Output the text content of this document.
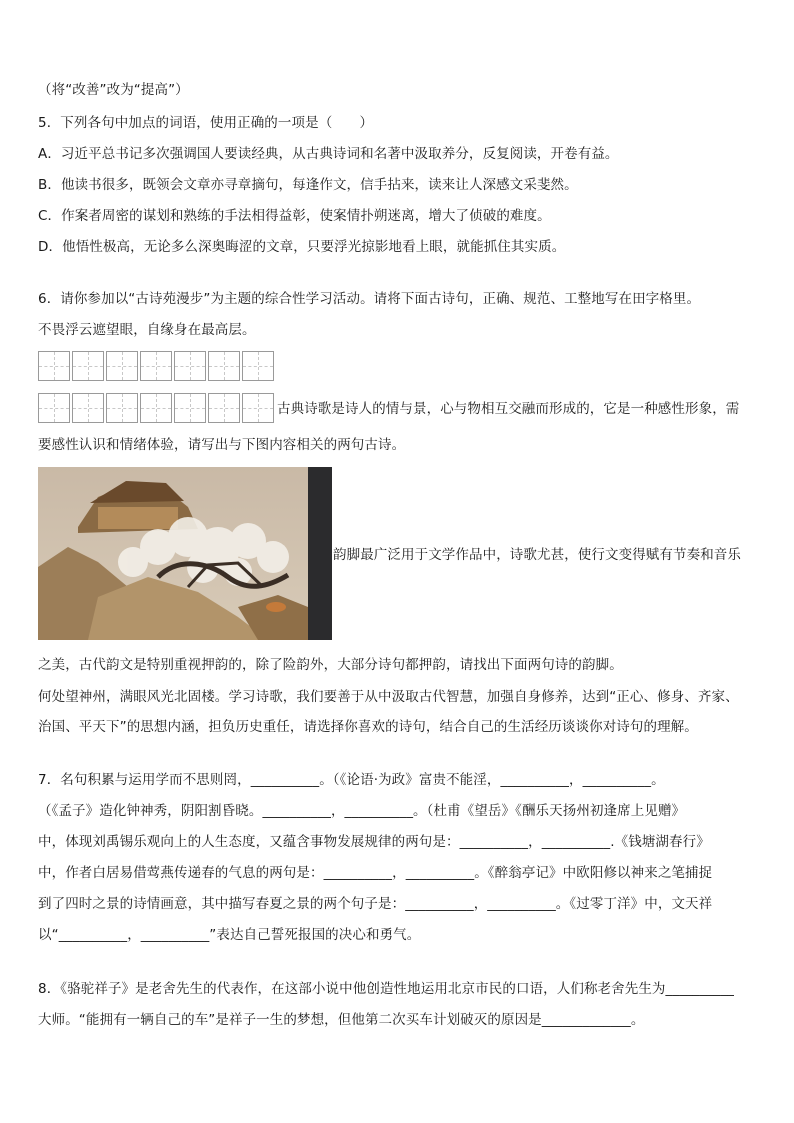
（将“改善”改为“提高”）
5．下列各句中加点的词语，使用正确的一项是（　　）
A．习近平总书记多次强调国人要读经典，从古典诗词和名著中汲取养分，反复阅读，开卷有益。
B．他读书很多，既领会文章亦寻章摘句，每逢作文，信手拈来，读来让人深感文采斐然。
C．作案者周密的谋划和熟练的手法相得益彰，使案情扑朔迷离，增大了侦破的难度。
D．他悟性极高，无论多么深奥晦涩的文章，只要浮光掠影地看上眼，就能抓住其实质。
6．请你参加以“古诗苑漫步”为主题的综合性学习活动。请将下面古诗句，正确、规范、工整地写在田字格里。
不畏浮云遮望眼，自缘身在最高层。
古典诗歌是诗人的情与景，心与物相互交融而形成的，它是一种感性形象，需
要感性认识和情绪体验，请写出与下图内容相关的两句古诗。
韵脚最广泛用于文学作品中，诗歌尤甚，使行文变得赋有节奏和音乐
之美，古代韵文是特别重视押韵的，除了险韵外，大部分诗句都押韵，请找出下面两句诗的韵脚。
何处望神州，满眼风光北固楼。学习诗歌，我们要善于从中汲取古代智慧，加强自身修养，达到“正心、修身、齐家、
治国、平天下”的思想内涵，担负历史重任，请选择你喜欢的诗句，结合自己的生活经历谈谈你对诗句的理解。
7．名句积累与运用学而不思则罔，__________。（《论语·为政》富贵不能淫，__________，__________。
（《孟子》造化钟神秀，阴阳割昏晓。__________，__________。（杜甫《望岳》《酬乐天扬州初逢席上见赠》
中，体现刘禹锡乐观向上的人生态度，又蕴含事物发展规律的两句是：__________，__________.《钱塘湖春行》
中，作者白居易借莺燕传递春的气息的两句是：__________，__________。《醉翁亭记》中欧阳修以神来之笔捕捉
到了四时之景的诗情画意，其中描写春夏之景的两个句子是：__________，__________。《过零丁洋》中，文天祥
以“__________，__________”表达自己誓死报国的决心和勇气。
8．《骆驼祥子》是老舍先生的代表作，在这部小说中他创造性地运用北京市民的口语，人们称老舍先生为__________
大师。“能拥有一辆自己的车”是祥子一生的梦想，但他第二次买车计划破灭的原因是_____________。
